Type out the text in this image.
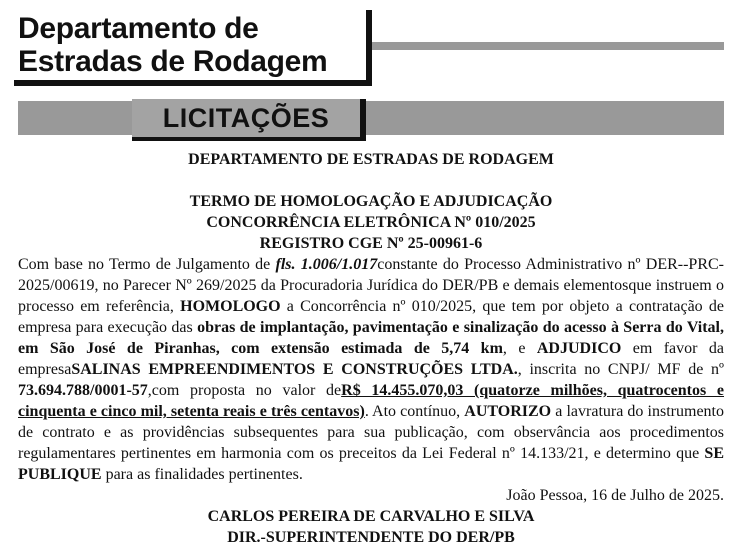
Departamento de
Estradas de Rodagem
LICITAÇÕES
DEPARTAMENTO DE ESTRADAS DE RODAGEM
TERMO DE HOMOLOGAÇÃO E ADJUDICAÇÃO
CONCORRÊNCIA ELETRÔNICA Nº 010/2025
REGISTRO CGE Nº 25-00961-6

Com base no Termo de Julgamento de fls. 1.006/1.017constante do Processo Administrativo nº DER--PRC-2025/00619, no Parecer Nº 269/2025 da Procuradoria Jurídica do DER/PB e demais elementosque instruem o processo em referência, HOMOLOGO a Concorrência nº 010/2025, que tem por objeto a contratação de empresa para execução das obras de implantação, pavimentação e sinalização do acesso à Serra do Vital, em São José de Piranhas, com extensão estimada de 5,74 km, e ADJUDICO em favor da empresaSALINAS EMPREENDIMENTOS E CONSTRUÇÕES LTDA., inscrita no CNPJ/ MF de nº 73.694.788/0001-57,com proposta no valor deR$ 14.455.070,03 (quatorze milhões, quatrocentos e cinquenta e cinco mil, setenta reais e três centavos). Ato contínuo, AUTORIZO a lavratura do instrumento de contrato e as providências subsequentes para sua publicação, com observância aos procedimentos regulamentares pertinentes em harmonia com os preceitos da Lei Federal nº 14.133/21, e determino que SE PUBLIQUE para as finalidades pertinentes.

João Pessoa, 16 de Julho de 2025.

CARLOS PEREIRA DE CARVALHO E SILVA
DIR.-SUPERINTENDENTE DO DER/PB
